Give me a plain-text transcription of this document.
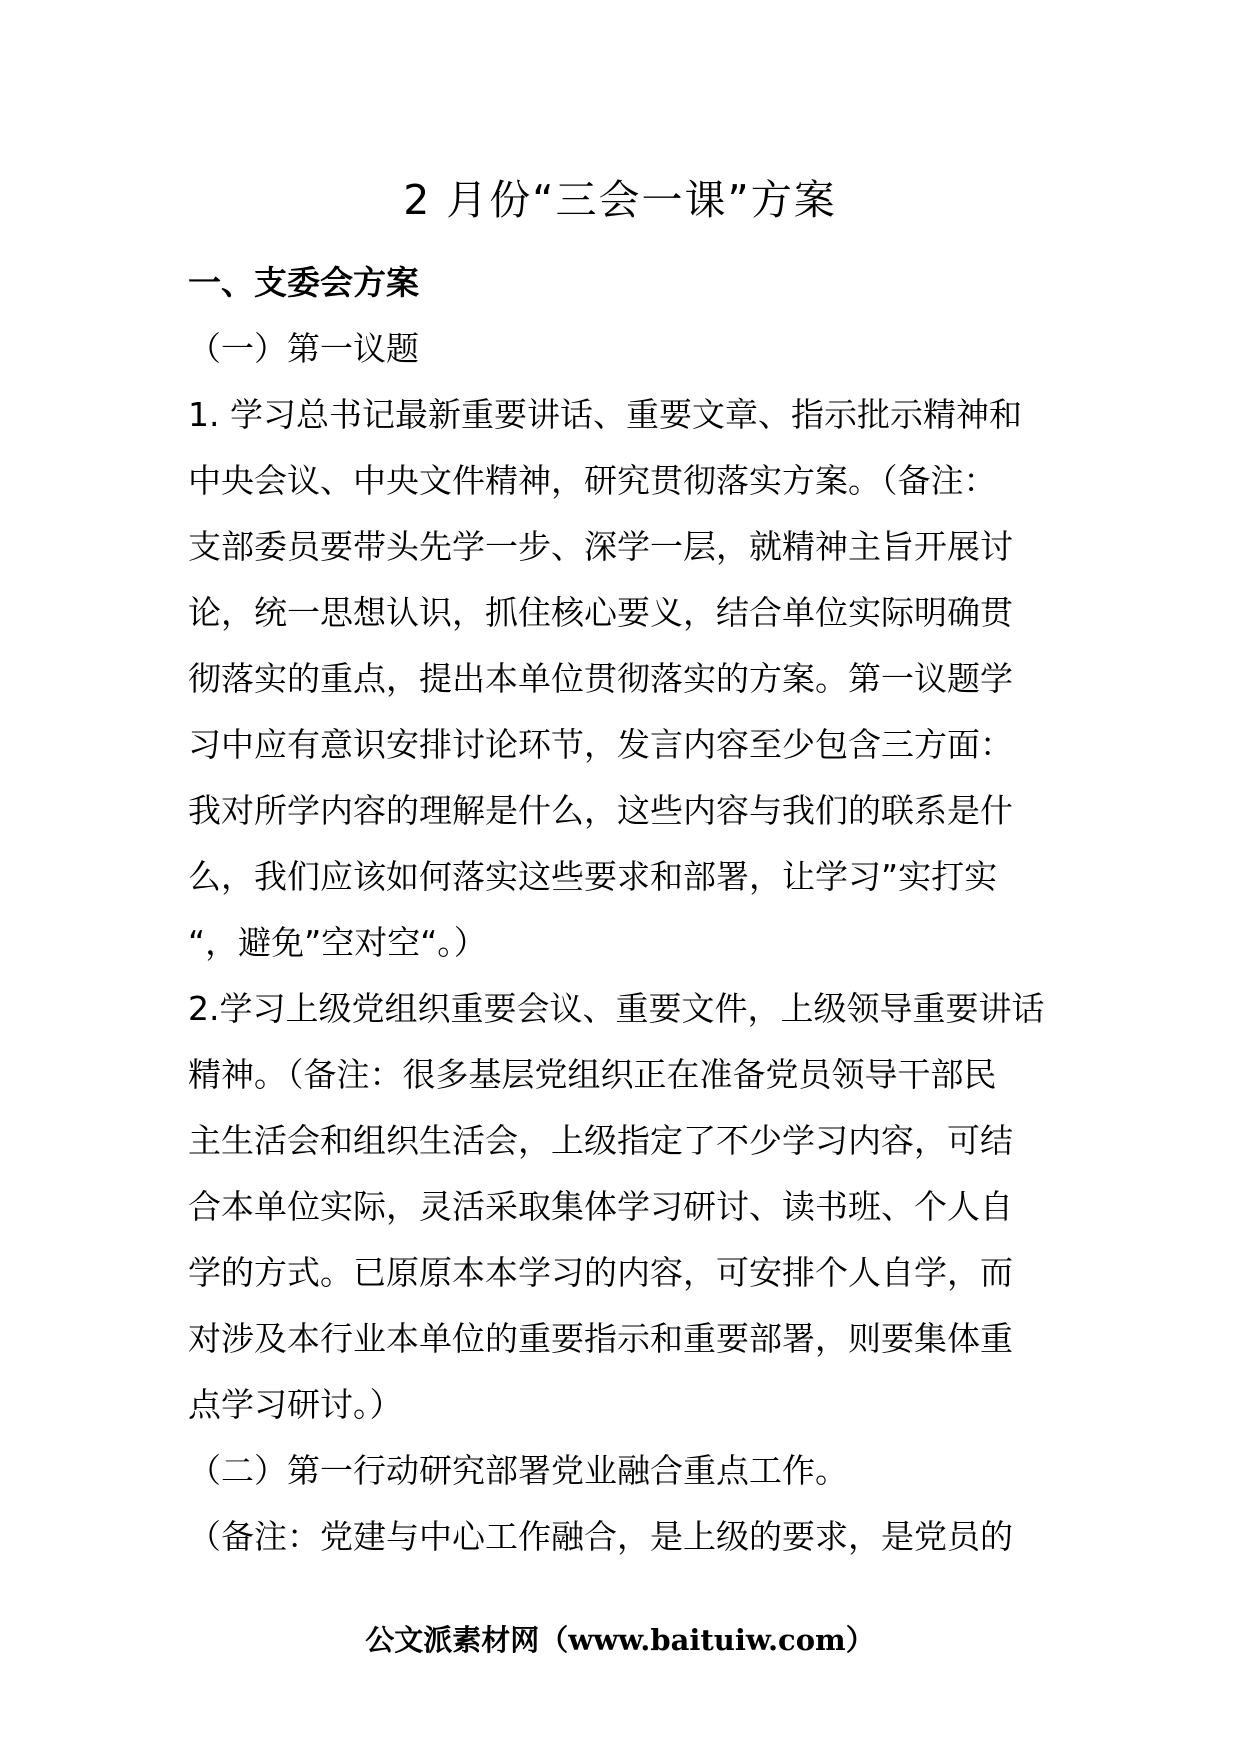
2 月份“三会一课”方案
一、支委会方案
（一）第一议题
1. 学习总书记最新重要讲话、重要文章、指示批示精神和
中央会议、中央文件精神，研究贯彻落实方案。（备注：
支部委员要带头先学一步、深学一层，就精神主旨开展讨
论，统一思想认识，抓住核心要义，结合单位实际明确贯
彻落实的重点，提出本单位贯彻落实的方案。第一议题学
习中应有意识安排讨论环节，发言内容至少包含三方面：
我对所学内容的理解是什么，这些内容与我们的联系是什
么，我们应该如何落实这些要求和部署，让学习”实打实
“，避免”空对空“。）
2.学习上级党组织重要会议、重要文件，上级领导重要讲话
精神。（备注：很多基层党组织正在准备党员领导干部民
主生活会和组织生活会，上级指定了不少学习内容，可结
合本单位实际，灵活采取集体学习研讨、读书班、个人自
学的方式。已原原本本学习的内容，可安排个人自学，而
对涉及本行业本单位的重要指示和重要部署，则要集体重
点学习研讨。）
（二）第一行动研究部署党业融合重点工作。
（备注：党建与中心工作融合，是上级的要求，是党员的
公文派素材网（www.baituiw.com）
